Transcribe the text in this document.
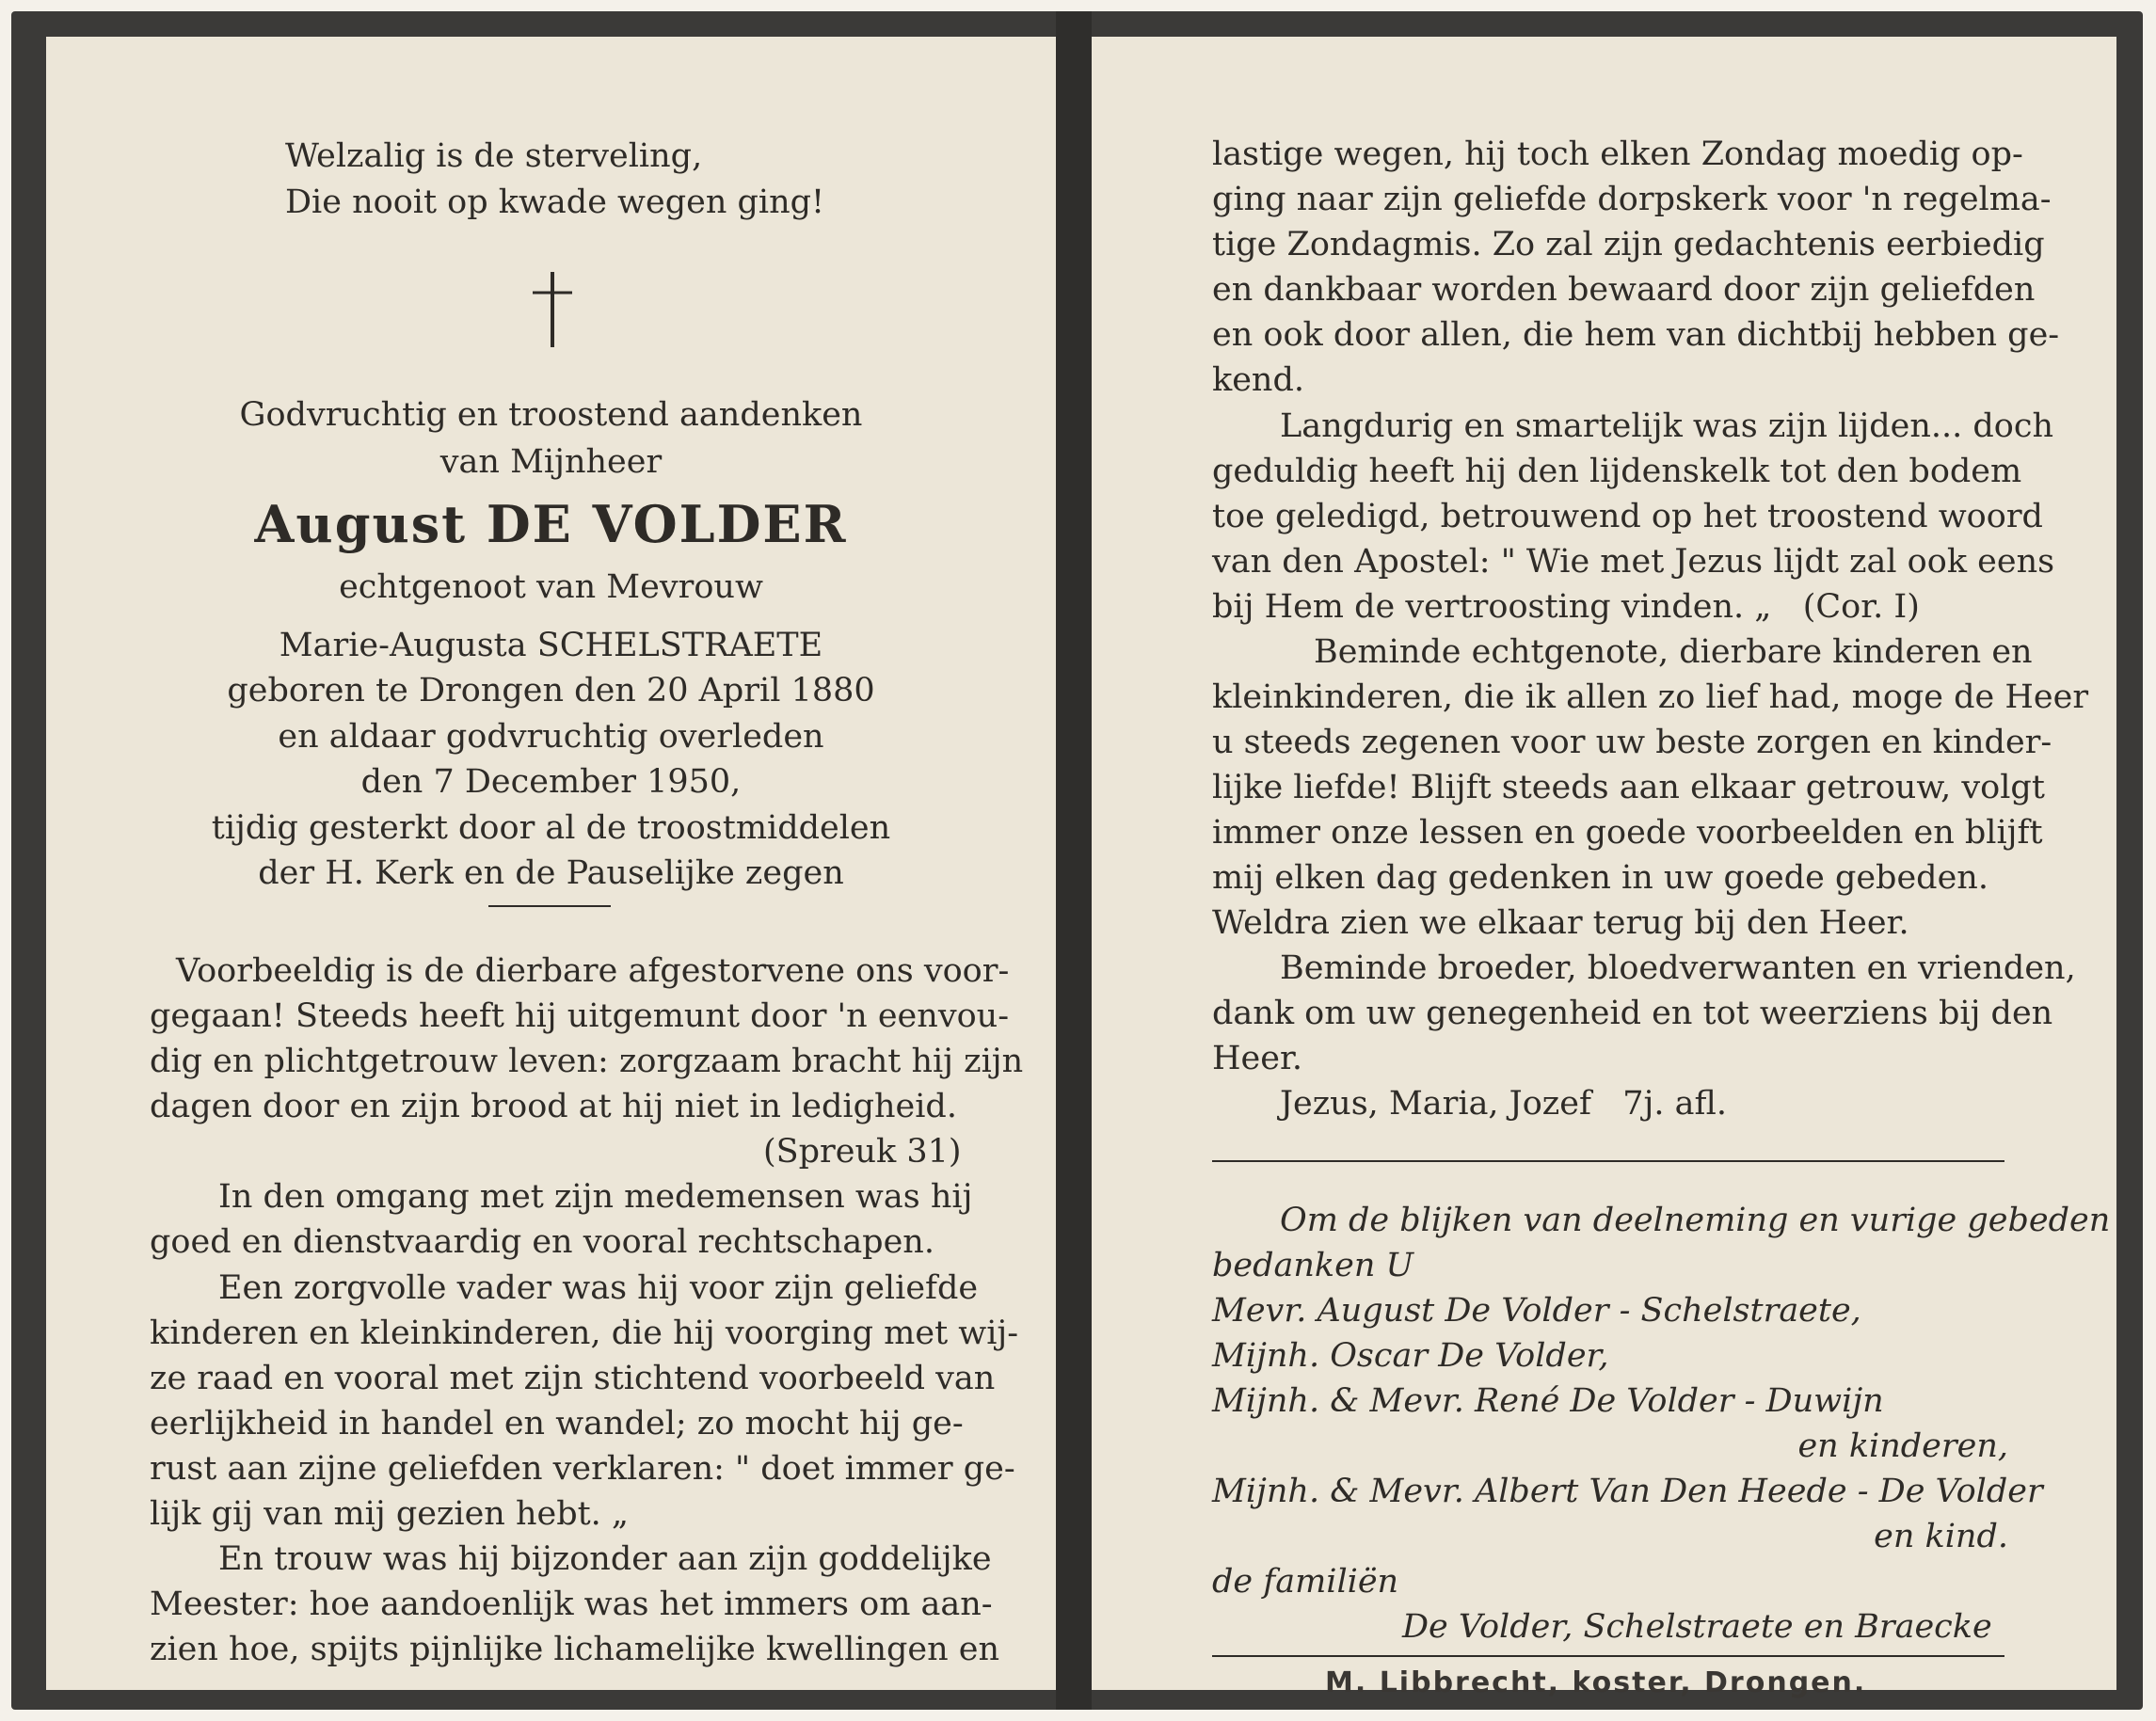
Welzalig is de sterveling,
Die nooit op kwade wegen ging!
Godvruchtig en troostend aandenken
van Mijnheer
August DE VOLDER
echtgenoot van Mevrouw
Marie-Augusta SCHELSTRAETE
geboren te Drongen den 20 April 1880
en aldaar godvruchtig overleden
den 7 December 1950,
tijdig gesterkt door al de troostmiddelen
der H. Kerk en de Pauselijke zegen
Voorbeeldig is de dierbare afgestorvene ons voor-
gegaan! Steeds heeft hij uitgemunt door 'n eenvou-
dig en plichtgetrouw leven: zorgzaam bracht hij zijn
dagen door en zijn brood at hij niet in ledigheid.
(Spreuk 31)
In den omgang met zijn medemensen was hij
goed en dienstvaardig en vooral rechtschapen.
Een zorgvolle vader was hij voor zijn geliefde
kinderen en kleinkinderen, die hij voorging met wij-
ze raad en vooral met zijn stichtend voorbeeld van
eerlijkheid in handel en wandel; zo mocht hij ge-
rust aan zijne geliefden verklaren: " doet immer ge-
lijk gij van mij gezien hebt. „
En trouw was hij bijzonder aan zijn goddelijke
Meester: hoe aandoenlijk was het immers om aan-
zien hoe, spijts pijnlijke lichamelijke kwellingen en
lastige wegen, hij toch elken Zondag moedig op-
ging naar zijn geliefde dorpskerk voor 'n regelma-
tige Zondagmis. Zo zal zijn gedachtenis eerbiedig
en dankbaar worden bewaard door zijn geliefden
en ook door allen, die hem van dichtbij hebben ge-
kend.
Langdurig en smartelijk was zijn lijden... doch
geduldig heeft hij den lijdenskelk tot den bodem
toe geledigd, betrouwend op het troostend woord
van den Apostel: " Wie met Jezus lijdt zal ook eens
bij Hem de vertroosting vinden. „   (Cor. I)
Beminde echtgenote, dierbare kinderen en
kleinkinderen, die ik allen zo lief had, moge de Heer
u steeds zegenen voor uw beste zorgen en kinder-
lijke liefde! Blijft steeds aan elkaar getrouw, volgt
immer onze lessen en goede voorbeelden en blijft
mij elken dag gedenken in uw goede gebeden.
Weldra zien we elkaar terug bij den Heer.
Beminde broeder, bloedverwanten en vrienden,
dank om uw genegenheid en tot weerziens bij den
Heer.
Jezus, Maria, Jozef   7j. afl.
Om de blijken van deelneming en vurige gebeden
bedanken U
Mevr. August De Volder - Schelstraete,
Mijnh. Oscar De Volder,
Mijnh. & Mevr. René De Volder - Duwijn
en kinderen,
Mijnh. & Mevr. Albert Van Den Heede - De Volder
en kind.
de familiën
De Volder, Schelstraete en Braecke
M. Libbrecht, koster, Drongen.
